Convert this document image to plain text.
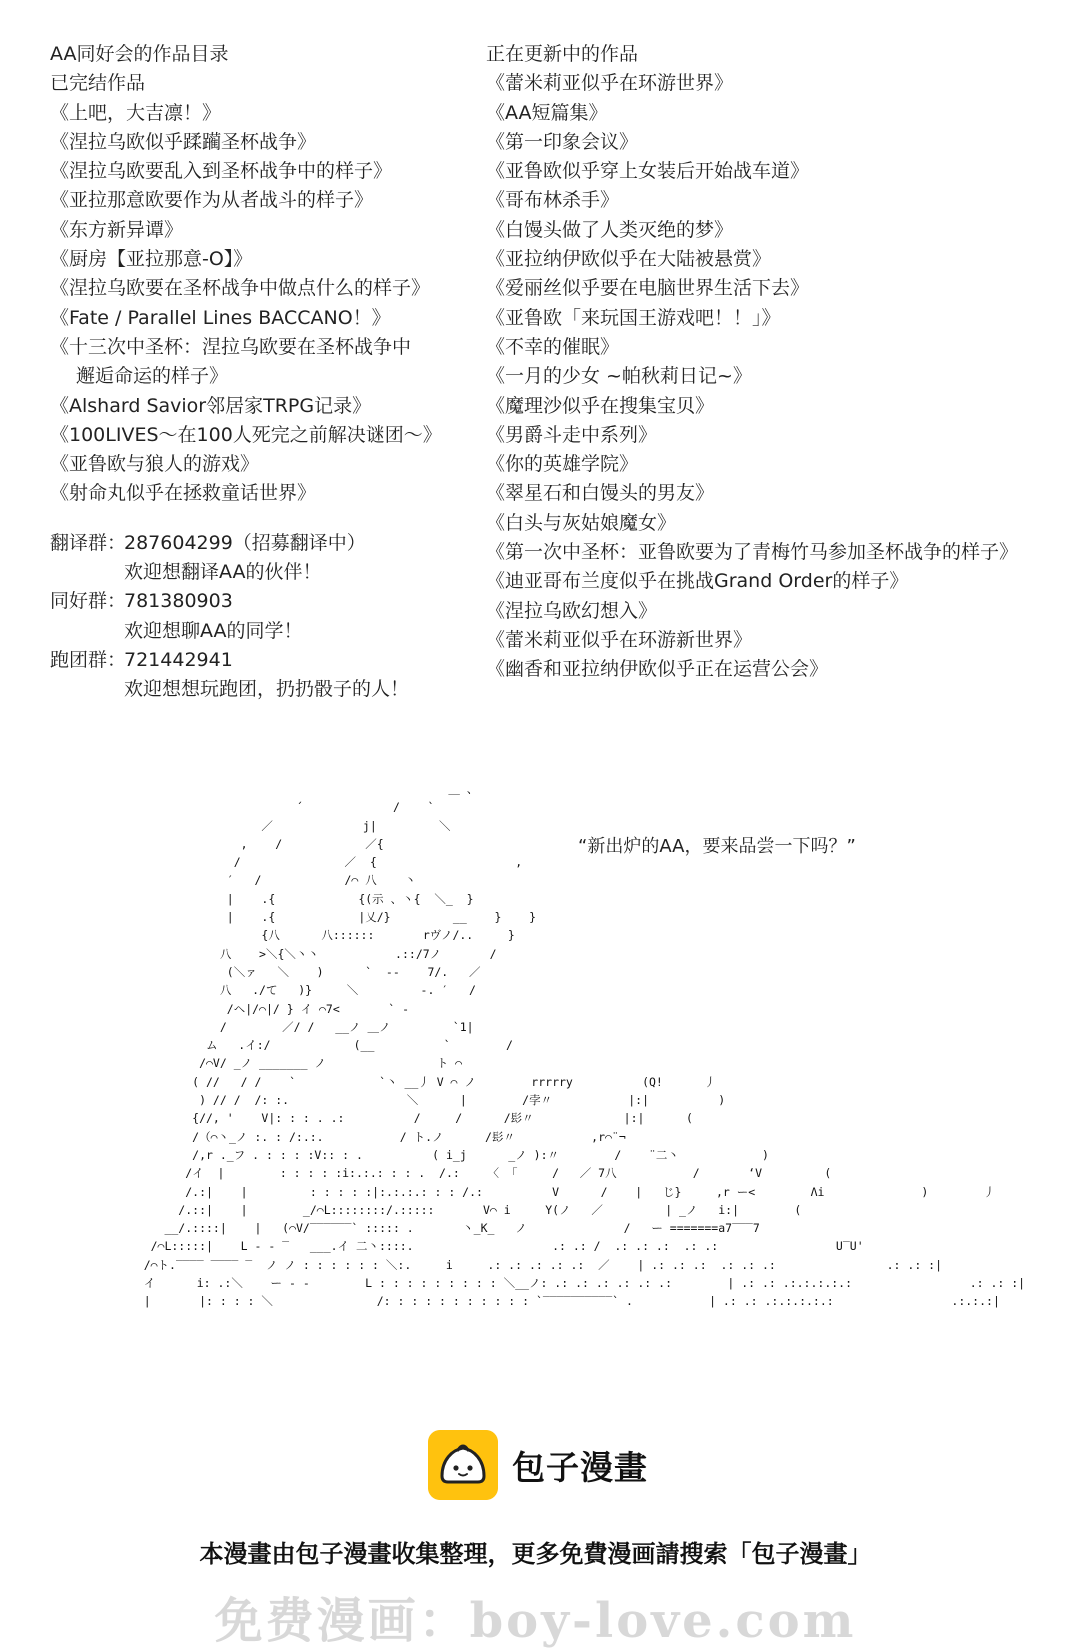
AA同好会的作品目录
已完结作品
《上吧，大吉凛！》
《涅拉乌欧似乎蹂躏圣杯战争》
《涅拉乌欧要乱入到圣杯战争中的样子》
《亚拉那意欧要作为从者战斗的样子》
《东方新异谭》
《厨房【亚拉那意-O】》
《涅拉乌欧要在圣杯战争中做点什么的样子》
《Fate / Parallel Lines BACCANO！》
《十三次中圣杯：涅拉乌欧要在圣杯战争中
邂逅命运的样子》
《Alshard Savior邻居家TRPG记录》
《100LIVES～在100人死完之前解决谜团～》
《亚鲁欧与狼人的游戏》
《射命丸似乎在拯救童话世界》
翻译群：
287604299（招募翻译中）
欢迎想翻译AA的伙伴！
同好群：
781380903
欢迎想聊AA的同学！
跑团群：
721442941
欢迎想想玩跑团，扔扔骰子的人！
正在更新中的作品
《蕾米莉亚似乎在环游世界》
《AA短篇集》
《第一印象会议》
《亚鲁欧似乎穿上女装后开始战车道》
《哥布林杀手》
《白馒头做了人类灭绝的梦》
《亚拉纳伊欧似乎在大陆被悬赏》
《爱丽丝似乎要在电脑世界生活下去》
《亚鲁欧「来玩国王游戏吧！！」》
《不幸的催眠》
《一月的少女 ~帕秋莉日记~》
《魔理沙似乎在搜集宝贝》
《男爵斗走中系列》
《你的英雄学院》
《翠星石和白馒头的男友》
《白头与灰姑娘魔女》
《第一次中圣杯：亚鲁欧要为了青梅竹马参加圣杯战争的样子》
《迪亚哥布兰度似乎在挑战Grand Order的样子》
《涅拉乌欧幻想入》
《蕾米莉亚似乎在环游新世界》
《幽香和亚拉纳伊欧似乎正在运营公会》
＿ 、
´             /    `
／             j|         ＼
,    /            ／{
/               ／  {                    ,
′   /            /⌒ 八    丶
|    .{            {(示 、丶{  ＼_  }
|    .{            |乂/}         __    }    }
{八      八::::::       rヴノ/..     }
八    >＼{＼丶丶           .::/7ノ       /
(＼ァ   ＼    )      `  --    7/.   ／
八   ./て   )}     ＼         ‐. ′   /
/ヘ|/⌒|/ } イ ⌒7<       ` ‐
/        ／/ /   __ノ ＿ノ         `1|
ム   .イ:/            (__          `        /
/⌒V/ _ノ _______ ノ                ト ⌒
( //   / /    `            `丶 __丿 V ⌒ ノ        rrrrry          (Q!      丿
) // /  /: :.                 ＼      |        /孛〃           |:|          )
{//, '    V|: : : . .:          /     /      /髟〃             |:|      (
/（⌒丶_ノ :. : /:.:.           / ト.ノ      /髟〃           ,r⌒¨¬
/,r ._フ . : : : :V:: : .          ( i_j      _ノ ):〃        /    ¨二丶            )
/イ  |        : : : : :i:.:.: : : .  /.:    〈 「     /   ／ 7八           /       ‘V         (
/.:|    |         : : : : :|:.:.:.: : : /.:          V      /    |   じ}     ,r ー<        Λi              )        丿
/.::|    |        _/⌒L::::::::/.:::::       V⌒ i     Y(ノ   ／         | _ノ   i:|        (
__/.::::|    |   (⌒V/‾‾‾‾‾‾` ::::: .       丶_K_   ノ              /   ー =======a7‾‾‾7
/⌒L:::::|    L ‐ ‐ ‾   ___.イ 二丶::::.                    .: .: /  .: .: .:  .: .:                 U‾U'
/⌒ト.‾‾‾‾ ‾‾‾‾ ‾  ノ ノ : : : : : : ＼:.     i     .: .: .: .: .:  ／    | .: .: .:  .: .: .:                .: .: :|
イ      i: .:＼    ー ‐ ‐        L : : : : : : : : : ＼__ノ: .: .: .: .: .: .:        | .: .: .:.:.:.:.:                 .: .: :|
|       |: : : : ＼               /: : : : : : : : : : : `‾‾‾‾‾‾‾‾‾‾` .           | .: .: .:.:.:.:.:                 .:.:.:|
“新出炉的AA，要来品尝一下吗？”
包子漫畫
本漫畫由包子漫畫收集整理，更多免費漫画請搜索「包子漫畫」
免费漫画：boy-love.com
